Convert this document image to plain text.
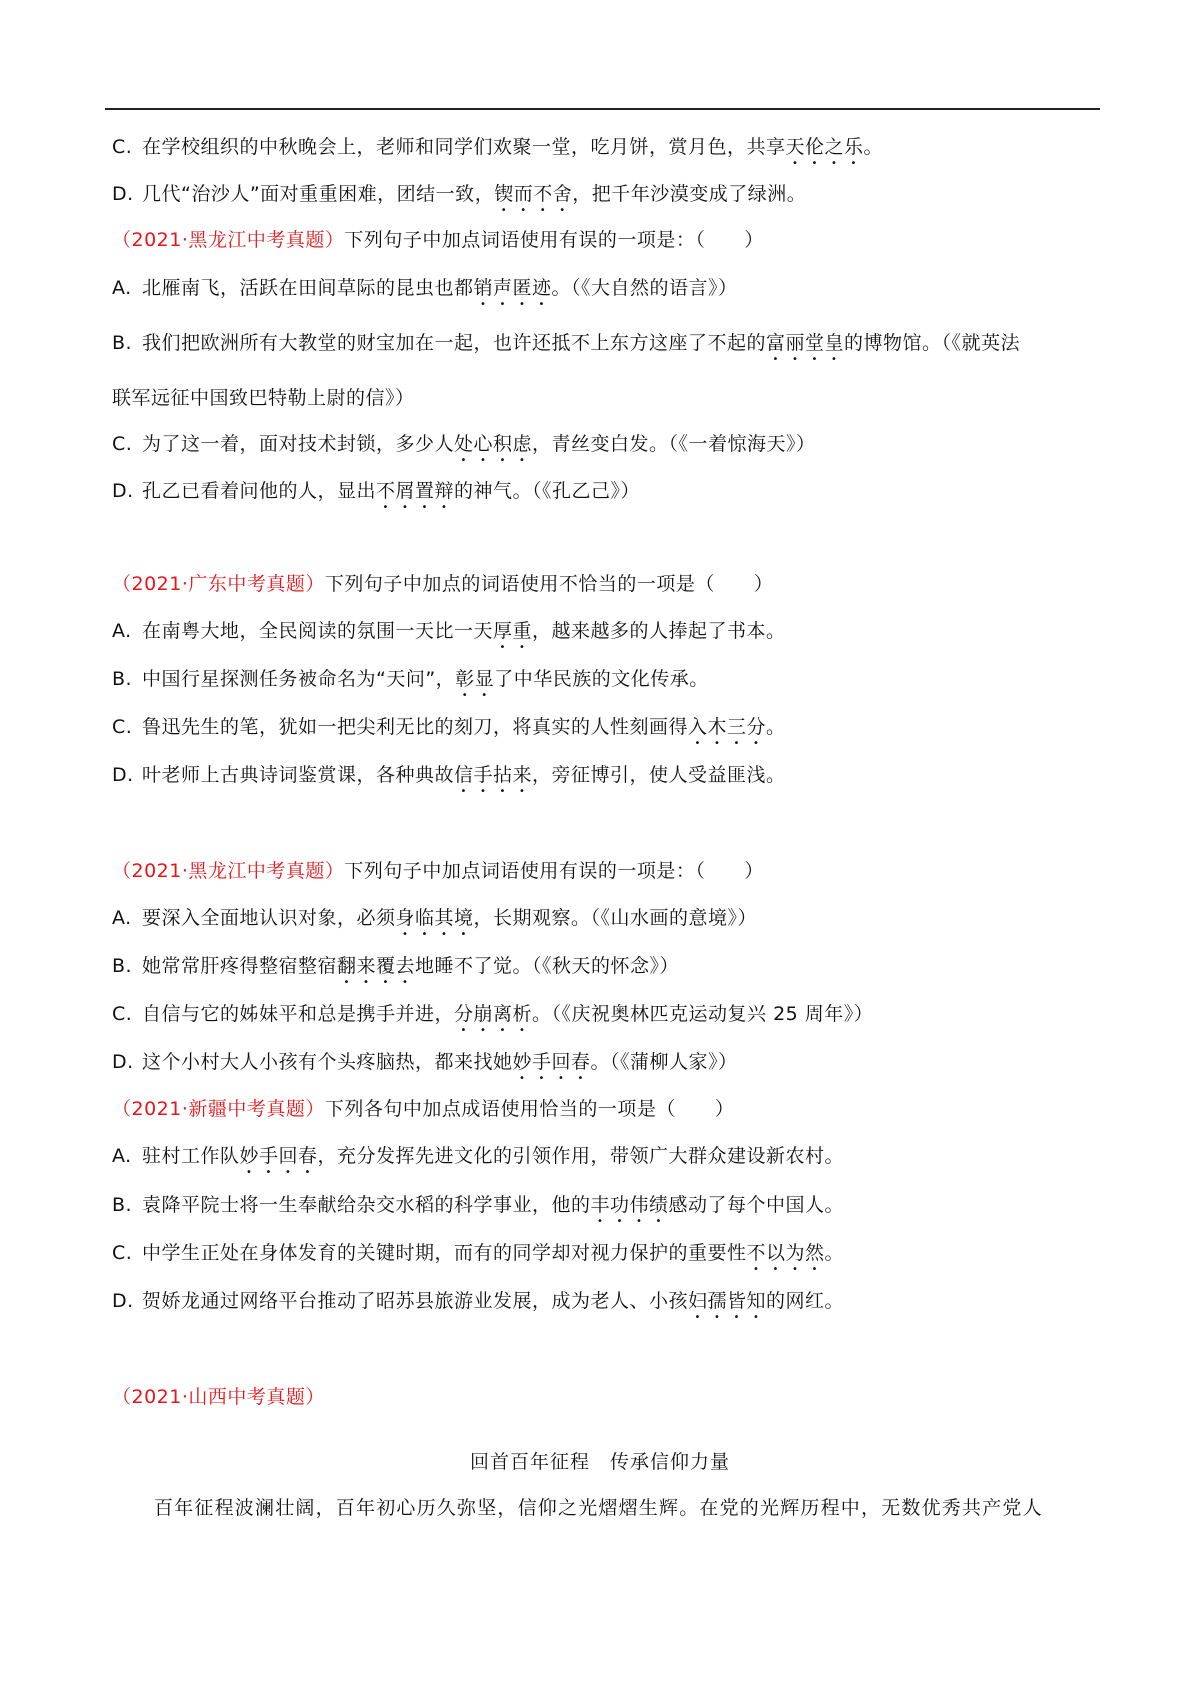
C. 在学校组织的中秋晚会上，老师和同学们欢聚一堂，吃月饼，赏月色，共享天伦之乐。
D. 几代“治沙人”面对重重困难，团结一致，锲而不舍，把千年沙漠变成了绿洲。
（2021·黑龙江中考真题）下列句子中加点词语使用有误的一项是：（　　）
A. 北雁南飞，活跃在田间草际的昆虫也都销声匿迹。（《大自然的语言》）
B. 我们把欧洲所有大教堂的财宝加在一起，也许还抵不上东方这座了不起的富丽堂皇的博物馆。（《就英法
联军远征中国致巴特勒上尉的信》）
C. 为了这一着，面对技术封锁，多少人处心积虑，青丝变白发。（《一着惊海天》）
D. 孔乙已看着问他的人，显出不屑置辩的神气。（《孔乙己》）
（2021·广东中考真题）下列句子中加点的词语使用不恰当的一项是（　　）
A. 在南粤大地，全民阅读的氛围一天比一天厚重，越来越多的人捧起了书本。
B. 中国行星探测任务被命名为“天问”，彰显了中华民族的文化传承。
C. 鲁迅先生的笔，犹如一把尖利无比的刻刀，将真实的人性刻画得入木三分。
D. 叶老师上古典诗词鉴赏课，各种典故信手拈来，旁征博引，使人受益匪浅。
（2021·黑龙江中考真题）下列句子中加点词语使用有误的一项是：（　　）
A. 要深入全面地认识对象，必须身临其境，长期观察。（《山水画的意境》）
B. 她常常肝疼得整宿整宿翻来覆去地睡不了觉。（《秋天的怀念》）
C. 自信与它的姊妹平和总是携手并进，分崩离析。（《庆祝奥林匹克运动复兴 25 周年》）
D. 这个小村大人小孩有个头疼脑热，都来找她妙手回春。（《蒲柳人家》）
（2021·新疆中考真题）下列各句中加点成语使用恰当的一项是（　　）
A. 驻村工作队妙手回春，充分发挥先进文化的引领作用，带领广大群众建设新农村。
B. 袁降平院士将一生奉献给杂交水稻的科学事业，他的丰功伟绩感动了每个中国人。
C. 中学生正处在身体发育的关键时期，而有的同学却对视力保护的重要性不以为然。
D. 贺娇龙通过网络平台推动了昭苏县旅游业发展，成为老人、小孩妇孺皆知的网红。
（2021·山西中考真题）
回首百年征程　传承信仰力量
百年征程波澜壮阔，百年初心历久弥坚，信仰之光熠熠生辉。在党的光辉历程中，无数优秀共产党人
